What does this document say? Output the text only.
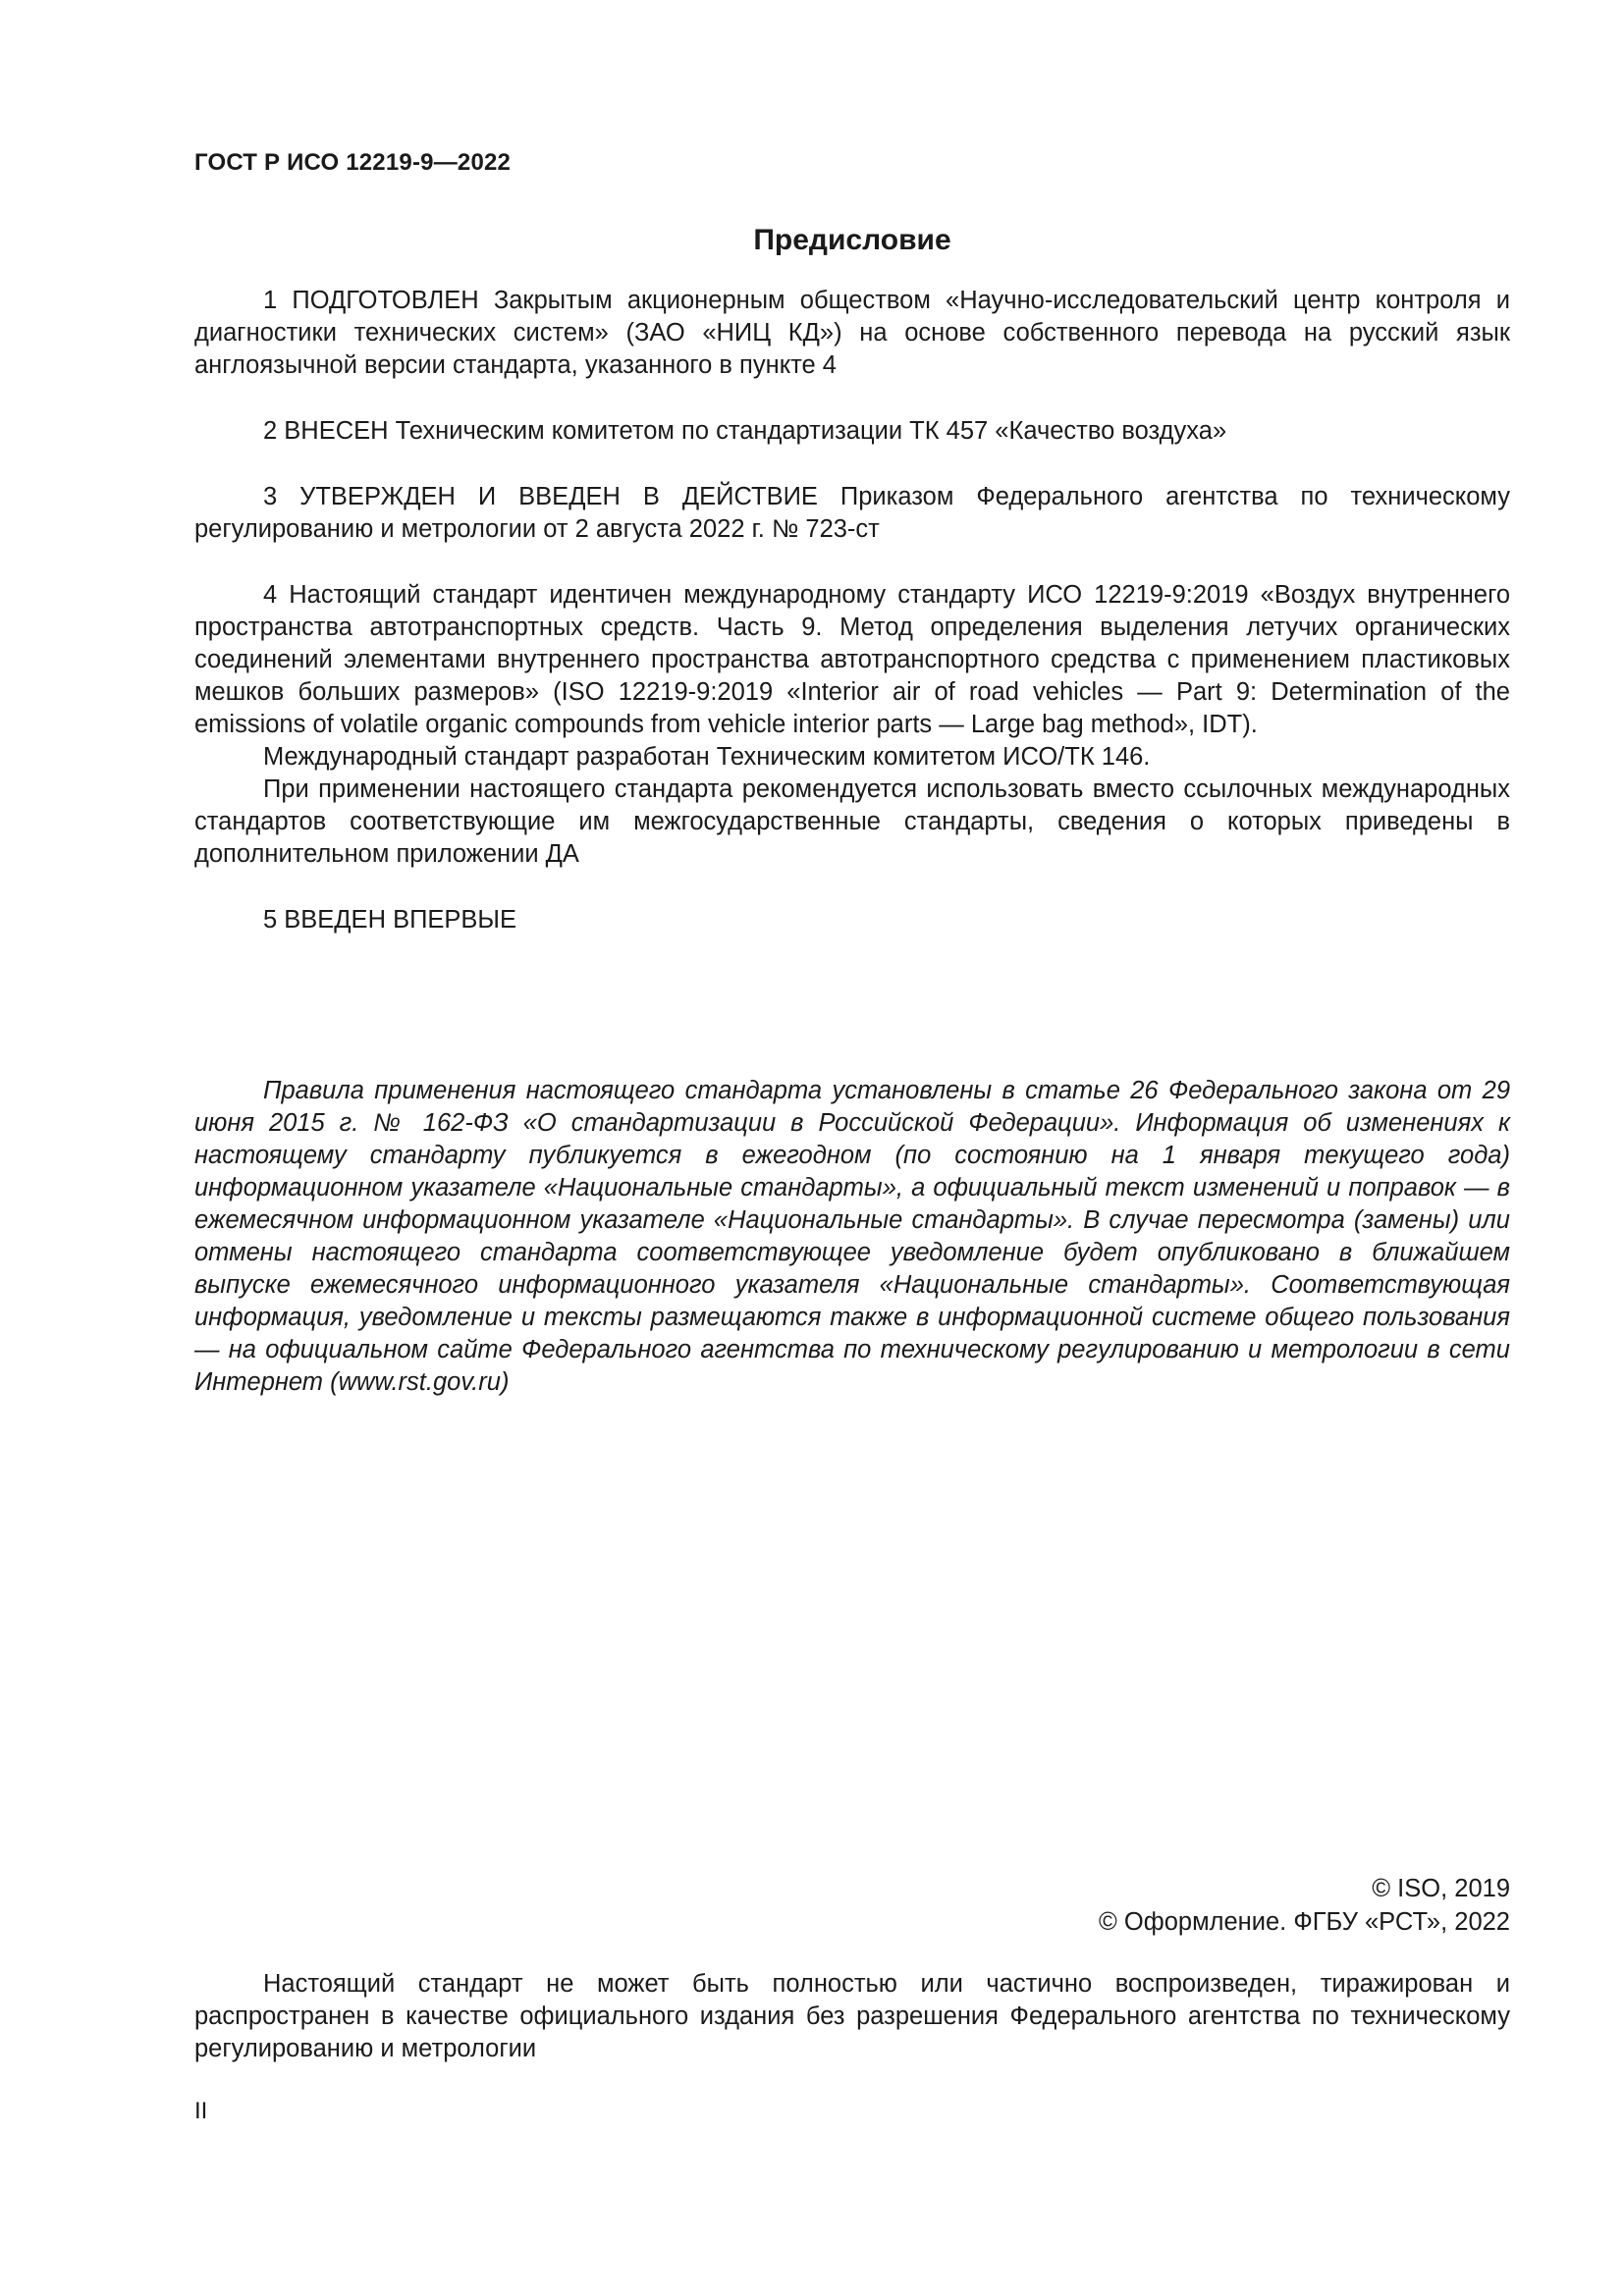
ГОСТ Р ИСО 12219-9—2022
Предисловие

1 ПОДГОТОВЛЕН Закрытым акционерным обществом «Научно-исследовательский центр контроля и диагностики технических систем» (ЗАО «НИЦ КД») на основе собственного перевода на русский язык англоязычной версии стандарта, указанного в пункте 4

2 ВНЕСЕН Техническим комитетом по стандартизации ТК 457 «Качество воздуха»

3 УТВЕРЖДЕН И ВВЕДЕН В ДЕЙСТВИЕ Приказом Федерального агентства по техническому регулированию и метрологии от 2 августа 2022 г. № 723-ст

4 Настоящий стандарт идентичен международному стандарту ИСО 12219-9:2019 «Воздух внутреннего пространства автотранспортных средств. Часть 9. Метод определения выделения летучих органических соединений элементами внутреннего пространства автотранспортного средства с применением пластиковых мешков больших размеров» (ISO 12219-9:2019 «Interior air of road vehicles — Part 9: Determination of the emissions of volatile organic compounds from vehicle interior parts — Large bag method», IDT).

Международный стандарт разработан Техническим комитетом ИСО/ТК 146.

При применении настоящего стандарта рекомендуется использовать вместо ссылочных международных стандартов соответствующие им межгосударственные стандарты, сведения о которых приведены в дополнительном приложении ДА

5 ВВЕДЕН ВПЕРВЫЕ

Правила применения настоящего стандарта установлены в статье 26 Федерального закона от 29 июня 2015 г. № 162-ФЗ «О стандартизации в Российской Федерации». Информация об изменениях к настоящему стандарту публикуется в ежегодном (по состоянию на 1 января текущего года) информационном указателе «Национальные стандарты», а официальный текст изменений и поправок — в ежемесячном информационном указателе «Национальные стандарты». В случае пересмотра (замены) или отмены настоящего стандарта соответствующее уведомление будет опубликовано в ближайшем выпуске ежемесячного информационного указателя «Национальные стандарты». Соответствующая информация, уведомление и тексты размещаются также в информационной системе общего пользования — на официальном сайте Федерального агентства по техническому регулированию и метрологии в сети Интернет (www.rst.gov.ru)
© ISO, 2019
© Оформление. ФГБУ «РСТ», 2022
Настоящий стандарт не может быть полностью или частично воспроизведен, тиражирован и распространен в качестве официального издания без разрешения Федерального агентства по техническому регулированию и метрологии
II
